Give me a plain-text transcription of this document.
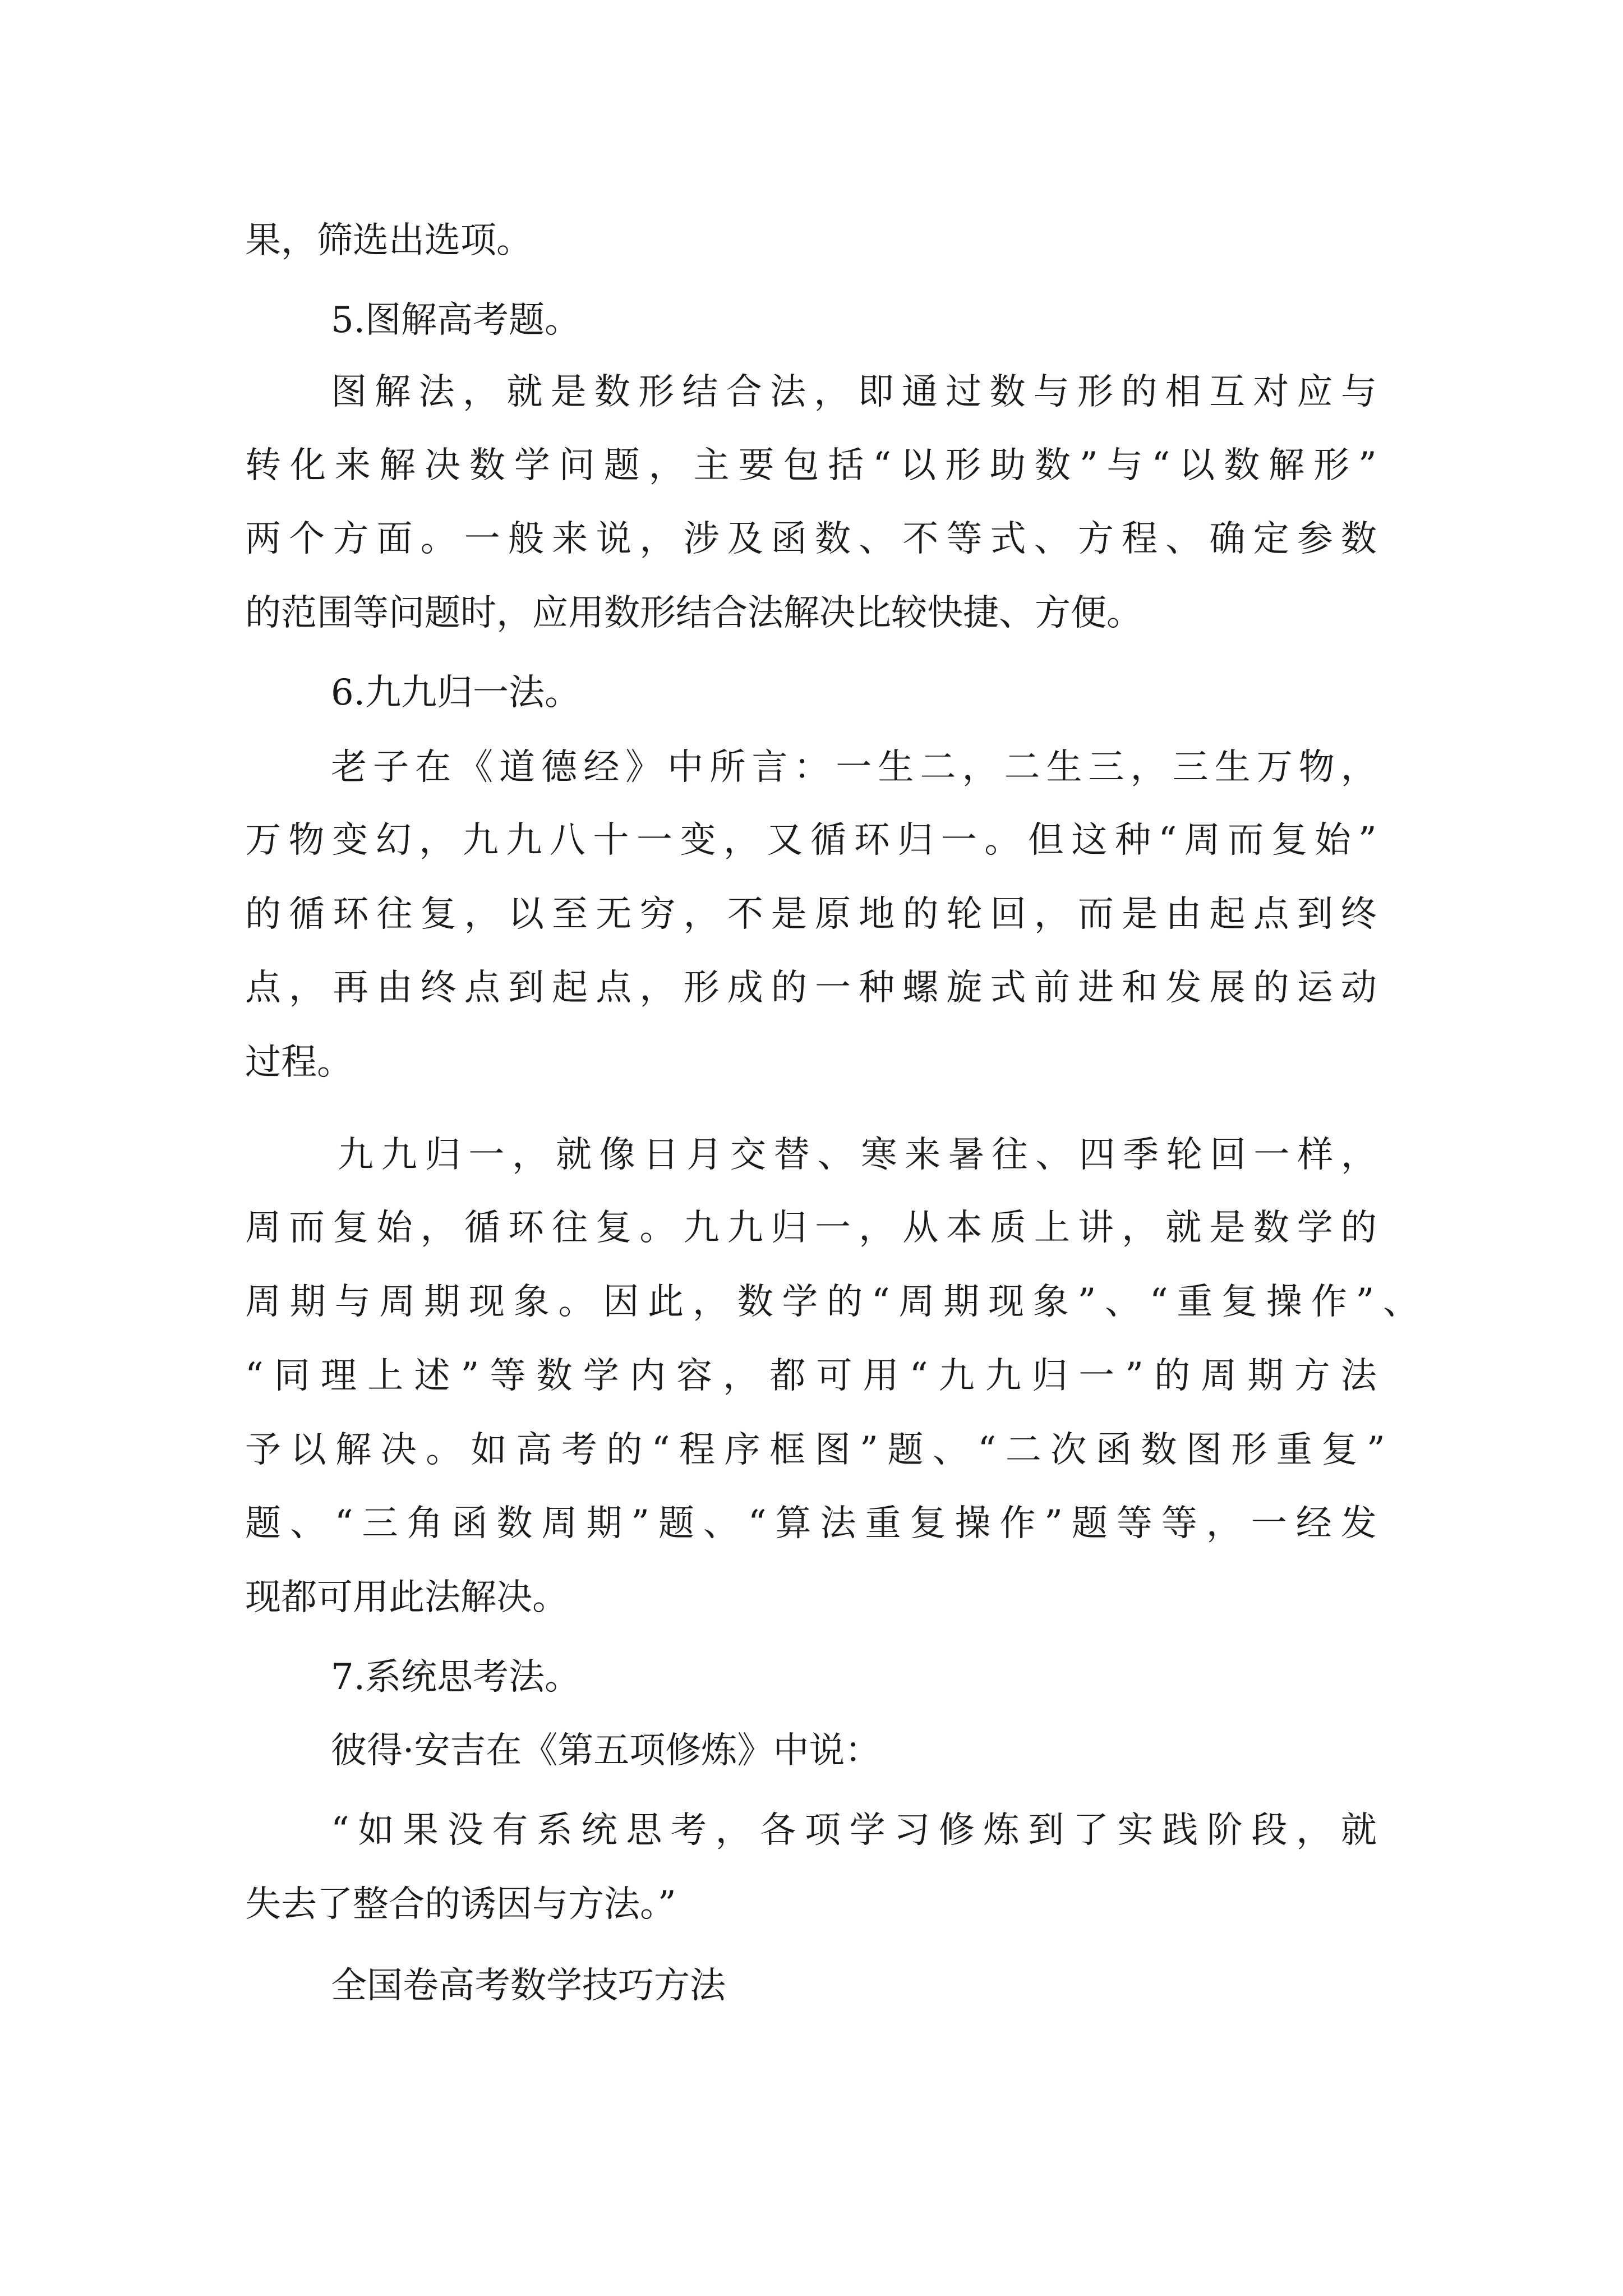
果，筛选出选项。

5.图解高考题。

图 解 法 ， 就 是 数 形 结 合 法 ， 即 通 过 数 与 形 的 相 互 对 应 与

转 化 来 解 决 数 学 问 题 ， 主 要 包 括 “ 以 形 助 数 ” 与 “ 以 数 解 形 ”

两 个 方 面 。 一 般 来 说 ， 涉 及 函 数 、 不 等 式 、 方 程 、 确 定 参 数

的范围等问题时，应用数形结合法解决比较快捷、方便。

6.九九归一法。

老 子 在 《 道 德 经 》 中 所 言 ： 一 生 二 ， 二 生 三 ， 三 生 万 物 ，

万 物 变 幻 ， 九 九 八 十 一 变 ， 又 循 环 归 一 。 但 这 种 “ 周 而 复 始 ”

的 循 环 往 复 ， 以 至 无 穷 ， 不 是 原 地 的 轮 回 ， 而 是 由 起 点 到 终

点 ， 再 由 终 点 到 起 点 ， 形 成 的 一 种 螺 旋 式 前 进 和 发 展 的 运 动

过程。

九 九 归 一 ， 就 像 日 月 交 替 、 寒 来 暑 往 、 四 季 轮 回 一 样 ，

周 而 复 始 ， 循 环 往 复 。 九 九 归 一 ， 从 本 质 上 讲 ， 就 是 数 学 的

周 期 与 周 期 现 象 。 因 此 ， 数 学 的 “ 周 期 现 象 ” 、 “ 重 复 操 作 ” 、

“ 同 理 上 述 ” 等 数 学 内 容 ， 都 可 用 “ 九 九 归 一 ” 的 周 期 方 法

予 以 解 决 。 如 高 考 的 “ 程 序 框 图 ” 题 、 “ 二 次 函 数 图 形 重 复 ”

题 、 “ 三 角 函 数 周 期 ” 题 、 “ 算 法 重 复 操 作 ” 题 等 等 ， 一 经 发

现都可用此法解决。

7.系统思考法。

彼得·安吉在《第五项修炼》中说：

“ 如 果 没 有 系 统 思 考 ， 各 项 学 习 修 炼 到 了 实 践 阶 段 ， 就

失去了整合的诱因与方法。”

全国卷高考数学技巧方法
